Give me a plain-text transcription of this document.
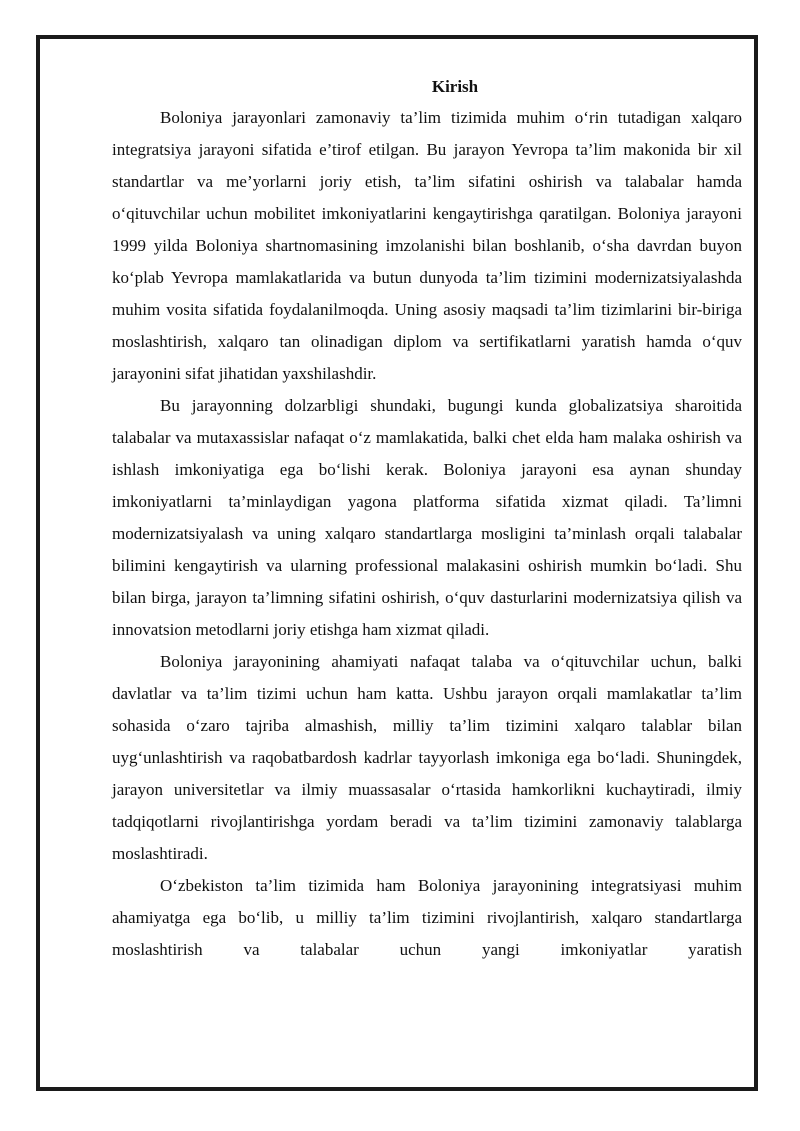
Kirish

Boloniya jarayonlari zamonaviy ta’lim tizimida muhim o‘rin tutadigan xalqaro integratsiya jarayoni sifatida e’tirof etilgan. Bu jarayon Yevropa ta’lim makonida bir xil standartlar va me’yorlarni joriy etish, ta’lim sifatini oshirish va talabalar hamda o‘qituvchilar uchun mobilitet imkoniyatlarini kengaytirishga qaratilgan. Boloniya jarayoni 1999 yilda Boloniya shartnomasining imzolanishi bilan boshlanib, o‘sha davrdan buyon ko‘plab Yevropa mamlakatlarida va butun dunyoda ta’lim tizimini modernizatsiyalashda muhim vosita sifatida foydalanilmoqda. Uning asosiy maqsadi ta’lim tizimlarini bir-biriga moslashtirish, xalqaro tan olinadigan diplom va sertifikatlarni yaratish hamda o‘quv jarayonini sifat jihatidan yaxshilashdir.

Bu jarayonning dolzarbligi shundaki, bugungi kunda globalizatsiya sharoitida talabalar va mutaxassislar nafaqat o‘z mamlakatida, balki chet elda ham malaka oshirish va ishlash imkoniyatiga ega bo‘lishi kerak. Boloniya jarayoni esa aynan shunday imkoniyatlarni ta’minlaydigan yagona platforma sifatida xizmat qiladi. Ta’limni modernizatsiyalash va uning xalqaro standartlarga mosligini ta’minlash orqali talabalar bilimini kengaytirish va ularning professional malakasini oshirish mumkin bo‘ladi. Shu bilan birga, jarayon ta’limning sifatini oshirish, o‘quv dasturlarini modernizatsiya qilish va innovatsion metodlarni joriy etishga ham xizmat qiladi.

Boloniya jarayonining ahamiyati nafaqat talaba va o‘qituvchilar uchun, balki davlatlar va ta’lim tizimi uchun ham katta. Ushbu jarayon orqali mamlakatlar ta’lim sohasida o‘zaro tajriba almashish, milliy ta’lim tizimini xalqaro talablar bilan uyg‘unlashtirish va raqobatbardosh kadrlar tayyorlash imkoniga ega bo‘ladi. Shuningdek, jarayon universitetlar va ilmiy muassasalar o‘rtasida hamkorlikni kuchaytiradi, ilmiy tadqiqotlarni rivojlantirishga yordam beradi va ta’lim tizimini zamonaviy talablarga moslashtiradi.

O‘zbekiston ta’lim tizimida ham Boloniya jarayonining integratsiyasi muhim ahamiyatga ega bo‘lib, u milliy ta’lim tizimini rivojlantirish, xalqaro standartlarga moslashtirish va talabalar uchun yangi imkoniyatlar yaratish
